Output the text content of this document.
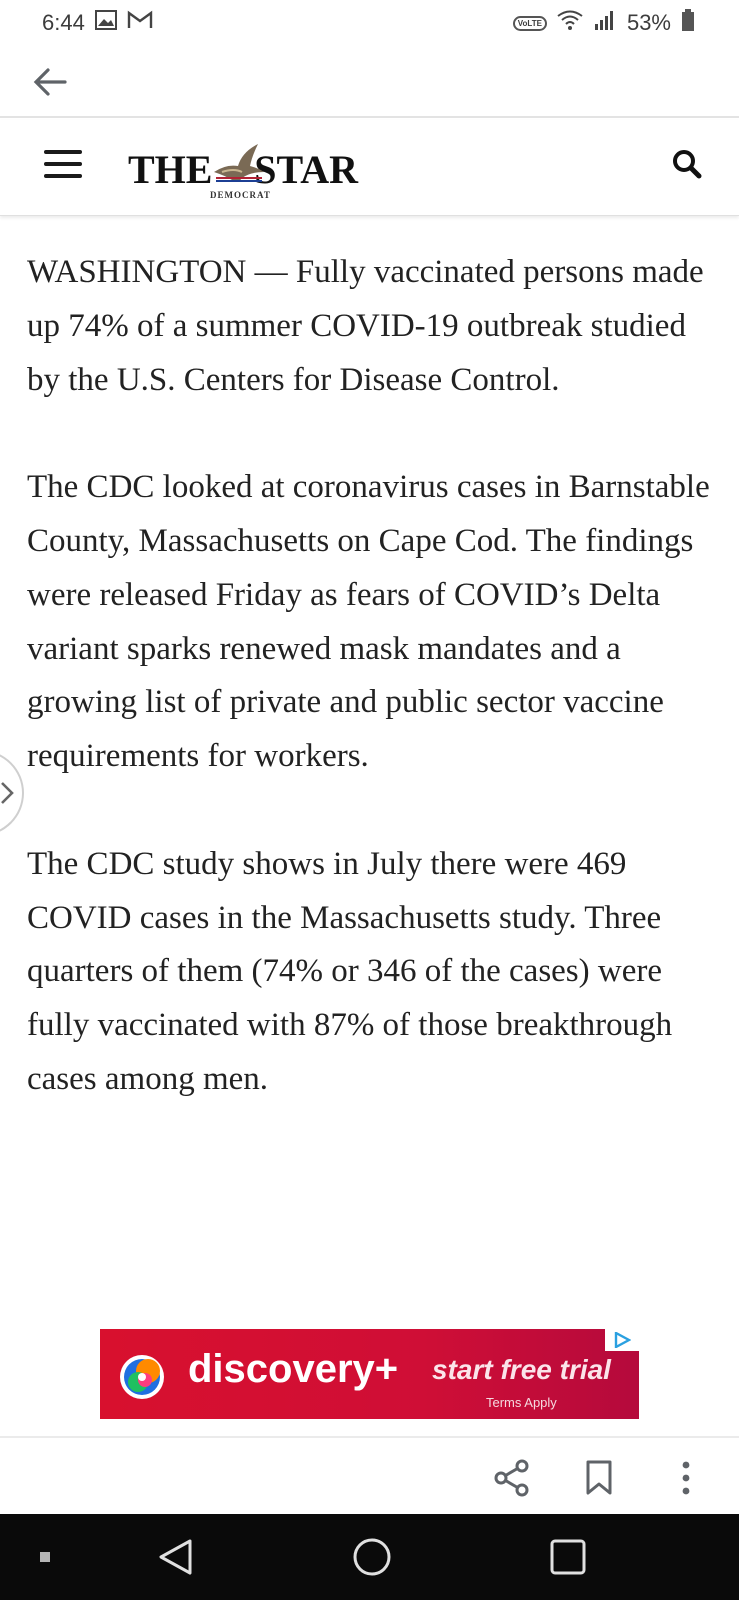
6:44	VoLTE	53%
THE STAR
DEMOCRAT

WASHINGTON — Fully vaccinated persons made up 74% of a summer COVID-19 outbreak studied by the U.S. Centers for Disease Control.

The CDC looked at coronavirus cases in Barnstable County, Massachusetts on Cape Cod. The findings were released Friday as fears of COVID’s Delta variant sparks renewed mask mandates and a growing list of private and public sector vaccine requirements for workers.

The CDC study shows in July there were 469 COVID cases in the Massachusetts study. Three quarters of them (74% or 346 of the cases) were fully vaccinated with 87% of those breakthrough cases among men.

discovery+ start free trial
Terms Apply
